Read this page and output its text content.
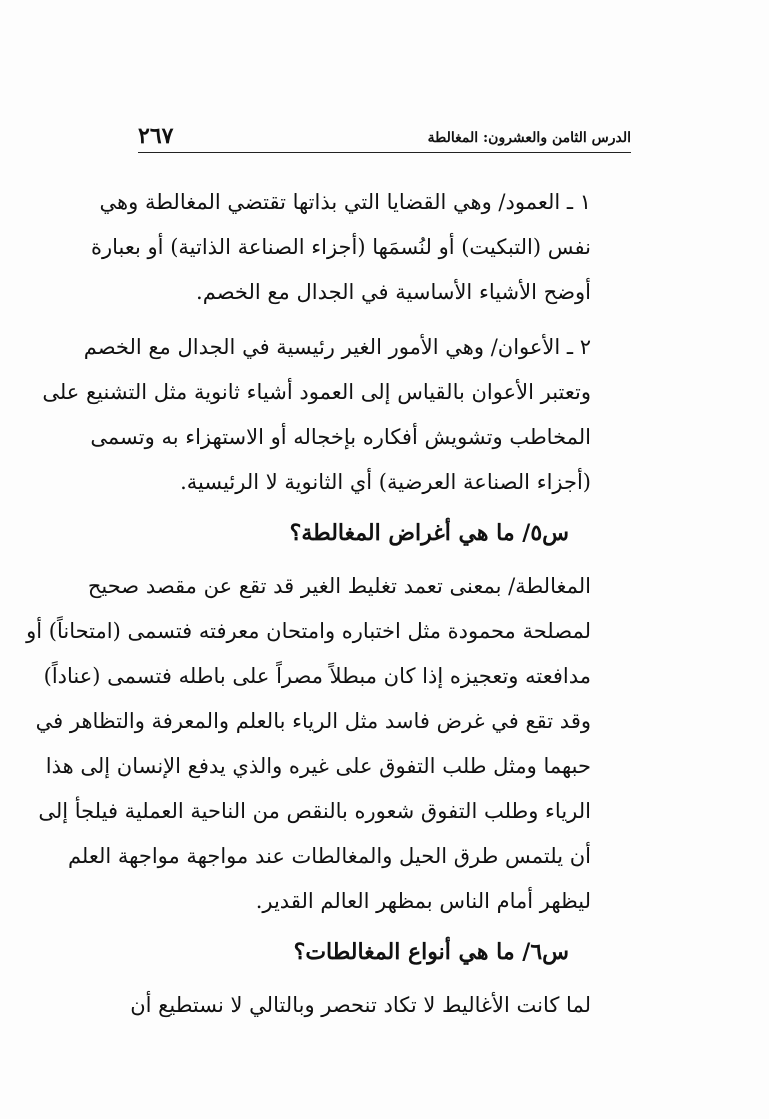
الدرس الثامن والعشرون: المغالطة
٢٦٧

١ ـ العمود/ وهي القضايا التي بذاتها تقتضي المغالطة وهي
نفس (التبكيت) أو لنُسمَها (أجزاء الصناعة الذاتية) أو بعبارة
أوضح الأشياء الأساسية في الجدال مع الخصم.

٢ ـ الأعوان/ وهي الأمور الغير رئيسية في الجدال مع الخصم
وتعتبر الأعوان بالقياس إلى العمود أشياء ثانوية مثل التشنيع على
المخاطب وتشويش أفكاره بإخجاله أو الاستهزاء به وتسمى
(أجزاء الصناعة العرضية) أي الثانوية لا الرئيسية.

س٥/ ما هي أغراض المغالطة؟

المغالطة/ بمعنى تعمد تغليط الغير قد تقع عن مقصد صحيح
لمصلحة محمودة مثل اختباره وامتحان معرفته فتسمى (امتحاناً) أو
مدافعته وتعجيزه إذا كان مبطلاً مصراً على باطله فتسمى (عناداً)
وقد تقع في غرض فاسد مثل الرياء بالعلم والمعرفة والتظاهر في
حبهما ومثل طلب التفوق على غيره والذي يدفع الإنسان إلى هذا
الرياء وطلب التفوق شعوره بالنقص من الناحية العملية فيلجأ إلى
أن يلتمس طرق الحيل والمغالطات عند مواجهة مواجهة العلم
ليظهر أمام الناس بمظهر العالم القدير.

س٦/ ما هي أنواع المغالطات؟

لما كانت الأغاليط لا تكاد تنحصر وبالتالي لا نستطيع أن
